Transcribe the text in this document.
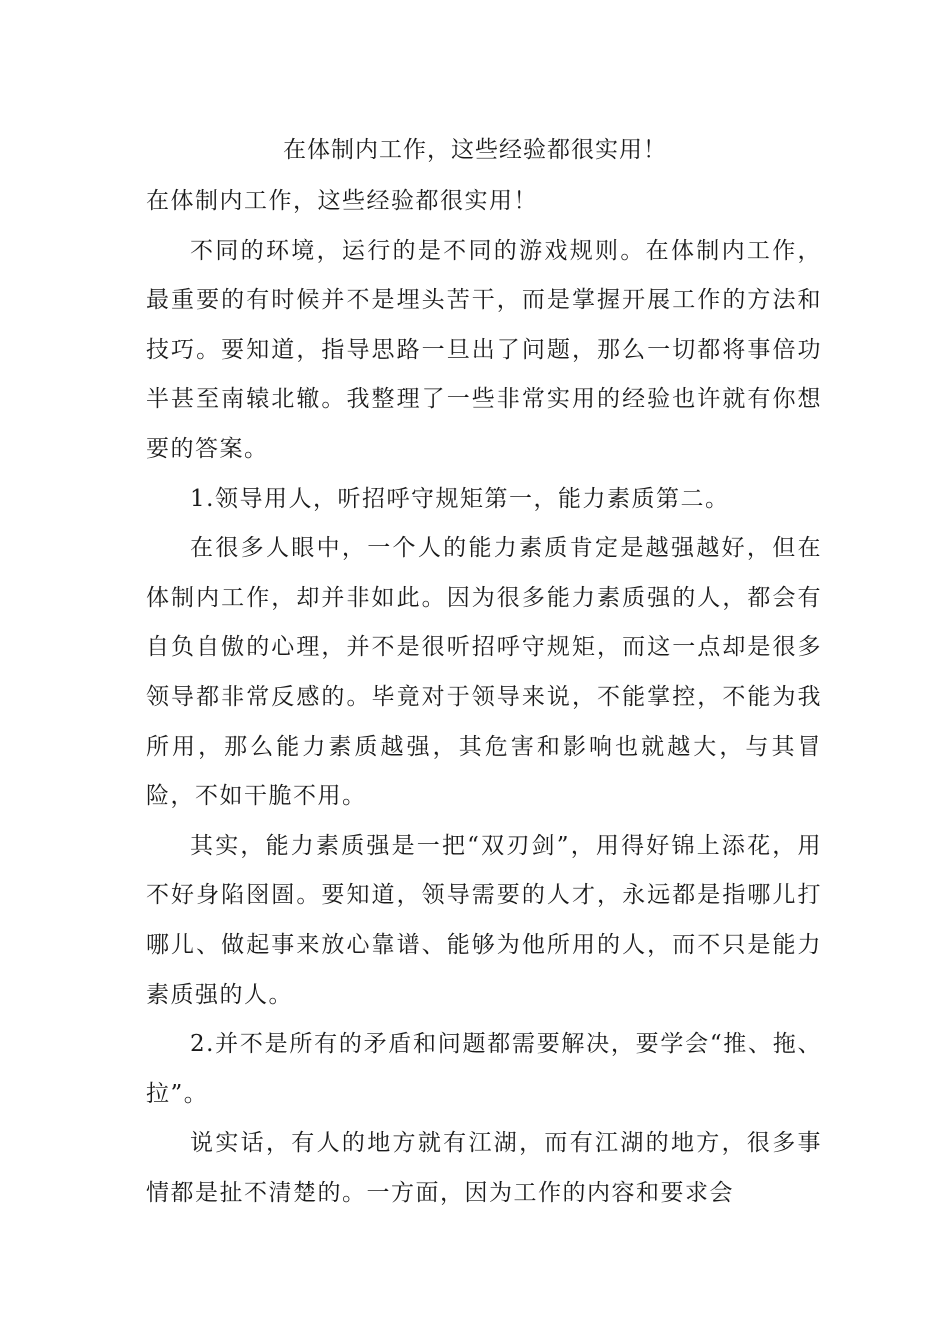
在体制内工作，这些经验都很实用！

在体制内工作，这些经验都很实用！

不同的环境，运行的是不同的游戏规则。在体制内工作，最重要的有时候并不是埋头苦干，而是掌握开展工作的方法和技巧。要知道，指导思路一旦出了问题，那么一切都将事倍功半甚至南辕北辙。我整理了一些非常实用的经验也许就有你想要的答案。

1.领导用人，听招呼守规矩第一，能力素质第二。

在很多人眼中，一个人的能力素质肯定是越强越好，但在体制内工作，却并非如此。因为很多能力素质强的人，都会有自负自傲的心理，并不是很听招呼守规矩，而这一点却是很多领导都非常反感的。毕竟对于领导来说，不能掌控，不能为我所用，那么能力素质越强，其危害和影响也就越大，与其冒险，不如干脆不用。

其实，能力素质强是一把“双刃剑”，用得好锦上添花，用不好身陷囹圄。要知道，领导需要的人才，永远都是指哪儿打哪儿、做起事来放心靠谱、能够为他所用的人，而不只是能力素质强的人。

2.并不是所有的矛盾和问题都需要解决，要学会“推、拖、拉”。

说实话，有人的地方就有江湖，而有江湖的地方，很多事情都是扯不清楚的。一方面，因为工作的内容和要求会
